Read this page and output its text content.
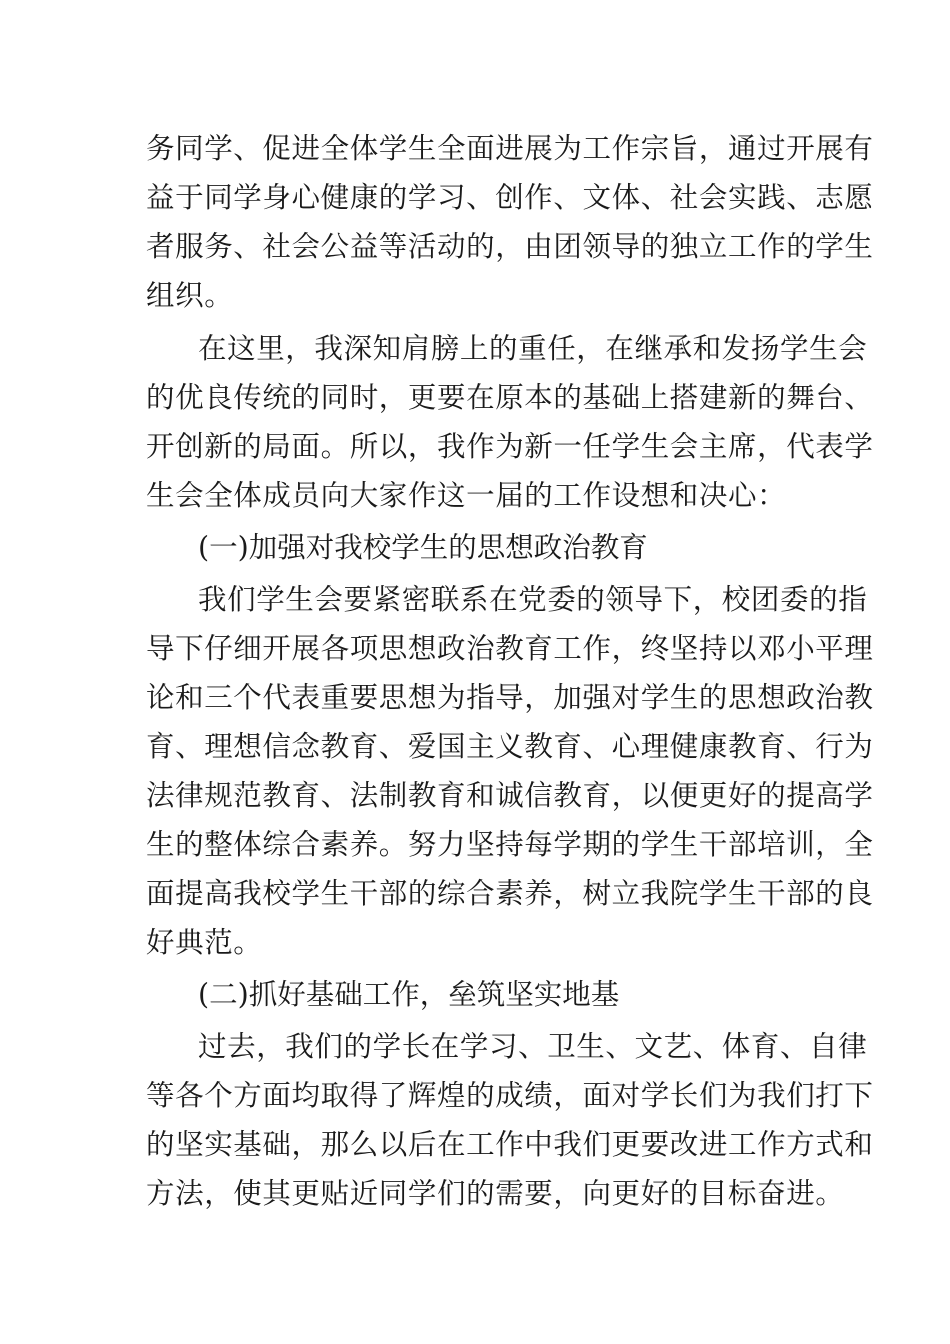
务同学、促进全体学生全面进展为工作宗旨，通过开展有
益于同学身心健康的学习、创作、文体、社会实践、志愿
者服务、社会公益等活动的，由团领导的独立工作的学生
组织。
在这里，我深知肩膀上的重任，在继承和发扬学生会
的优良传统的同时，更要在原本的基础上搭建新的舞台、
开创新的局面。所以，我作为新一任学生会主席，代表学
生会全体成员向大家作这一届的工作设想和决心：
(一)加强对我校学生的思想政治教育
我们学生会要紧密联系在党委的领导下，校团委的指
导下仔细开展各项思想政治教育工作，终坚持以邓小平理
论和三个代表重要思想为指导，加强对学生的思想政治教
育、理想信念教育、爱国主义教育、心理健康教育、行为
法律规范教育、法制教育和诚信教育，以便更好的提高学
生的整体综合素养。努力坚持每学期的学生干部培训，全
面提高我校学生干部的综合素养，树立我院学生干部的良
好典范。
(二)抓好基础工作，垒筑坚实地基
过去，我们的学长在学习、卫生、文艺、体育、自律
等各个方面均取得了辉煌的成绩，面对学长们为我们打下
的坚实基础，那么以后在工作中我们更要改进工作方式和
方法，使其更贴近同学们的需要，向更好的目标奋进。
